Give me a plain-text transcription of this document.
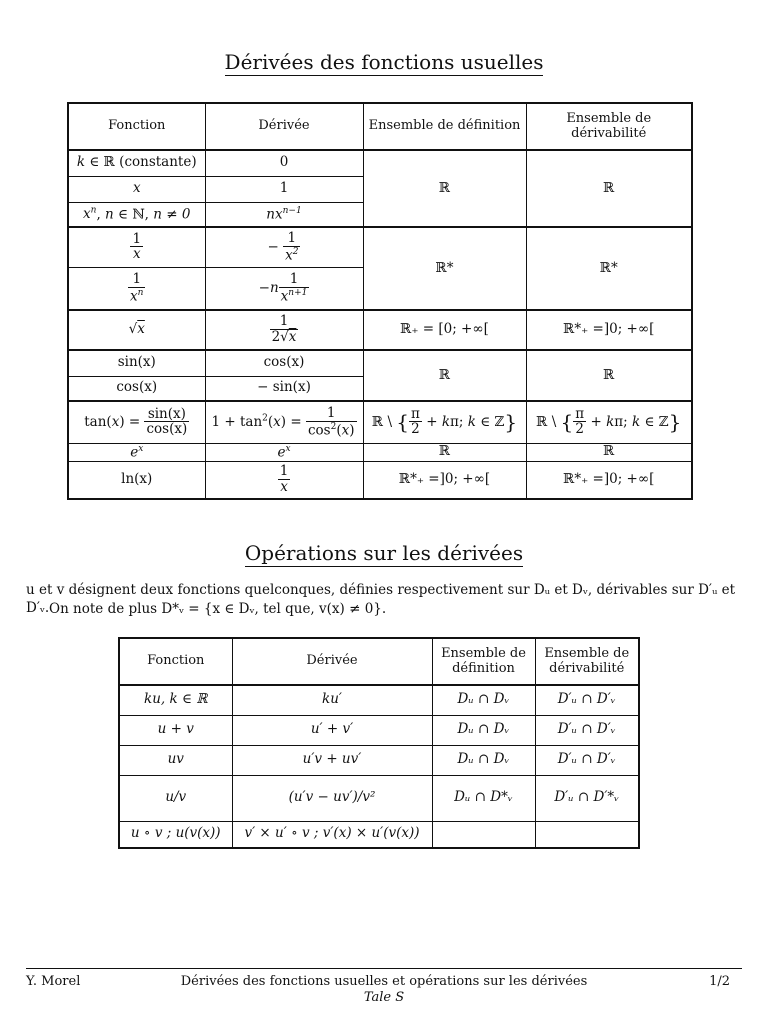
Dérivées des fonctions usuelles
Fonction	Dérivée	Ensemble de définition	Ensemble de dérivabilité
k ∈ ℝ (constante)	0	ℝ	ℝ
x	1		
$x^n$, n ∈ ℕ, n ≠ 0	$nx^{n-1}$

$\frac{1}{x}$	− $\frac{1}{x^2}$	ℝ*	ℝ*

$\frac{1}{x^n}$	$-n \frac{1}{x^{n+1}}$

√x	$\frac{1}{2√x}$	ℝ₊ = [0; +∞[	ℝ*₊ =]0; +∞[
sin(x)	cos(x)	ℝ	ℝ
cos(x)	− sin(x)		
$\tan(x) = \frac{\sin(x)}{\cos(x)}$	$1 + \tan^2(x) = \frac{1}{\cos^2(x)}$	ℝ \ { $\frac{\pi}{2} + k\pi$; k ∈ ℤ}	ℝ \ { $\frac{\pi}{2} + k\pi$; k ∈ ℤ}
$e^x$	$e^x$	ℝ	ℝ
ln(x)	$\frac{1}{x}$	ℝ*₊ =]0; +∞[	ℝ*₊ =]0; +∞[
Opérations sur les dérivées

u et v désignent deux fonctions quelconques, définies respectivement sur Dᵤ et Dᵥ, dérivables sur D′ᵤ et D′ᵥ. On note de plus D*ᵥ = {x ∈ Dᵥ, tel que, v(x) ≠ 0}.

Fonction	Dérivée	Ensemble de définition	Ensemble de dérivabilité
ku, k ∈ ℝ	ku′	Dᵤ ∩ Dᵥ	D′ᵤ ∩ D′ᵥ
u + v	u′ + v′	Dᵤ ∩ Dᵥ	D′ᵤ ∩ D′ᵥ
uv	u′v + uv′	Dᵤ ∩ Dᵥ	D′ᵤ ∩ D′ᵥ
u/v	(u′v − uv′)/v²	Dᵤ ∩ D*ᵥ	D′ᵤ ∩ D′*ᵥ
u ∘ v ; u(v(x))	v′ × u′ ∘ v ; v′(x) × u′(v(x))		
Y. Morel	Dérivées des fonctions usuelles et opérations sur les dérivées	1/2
Tale S
